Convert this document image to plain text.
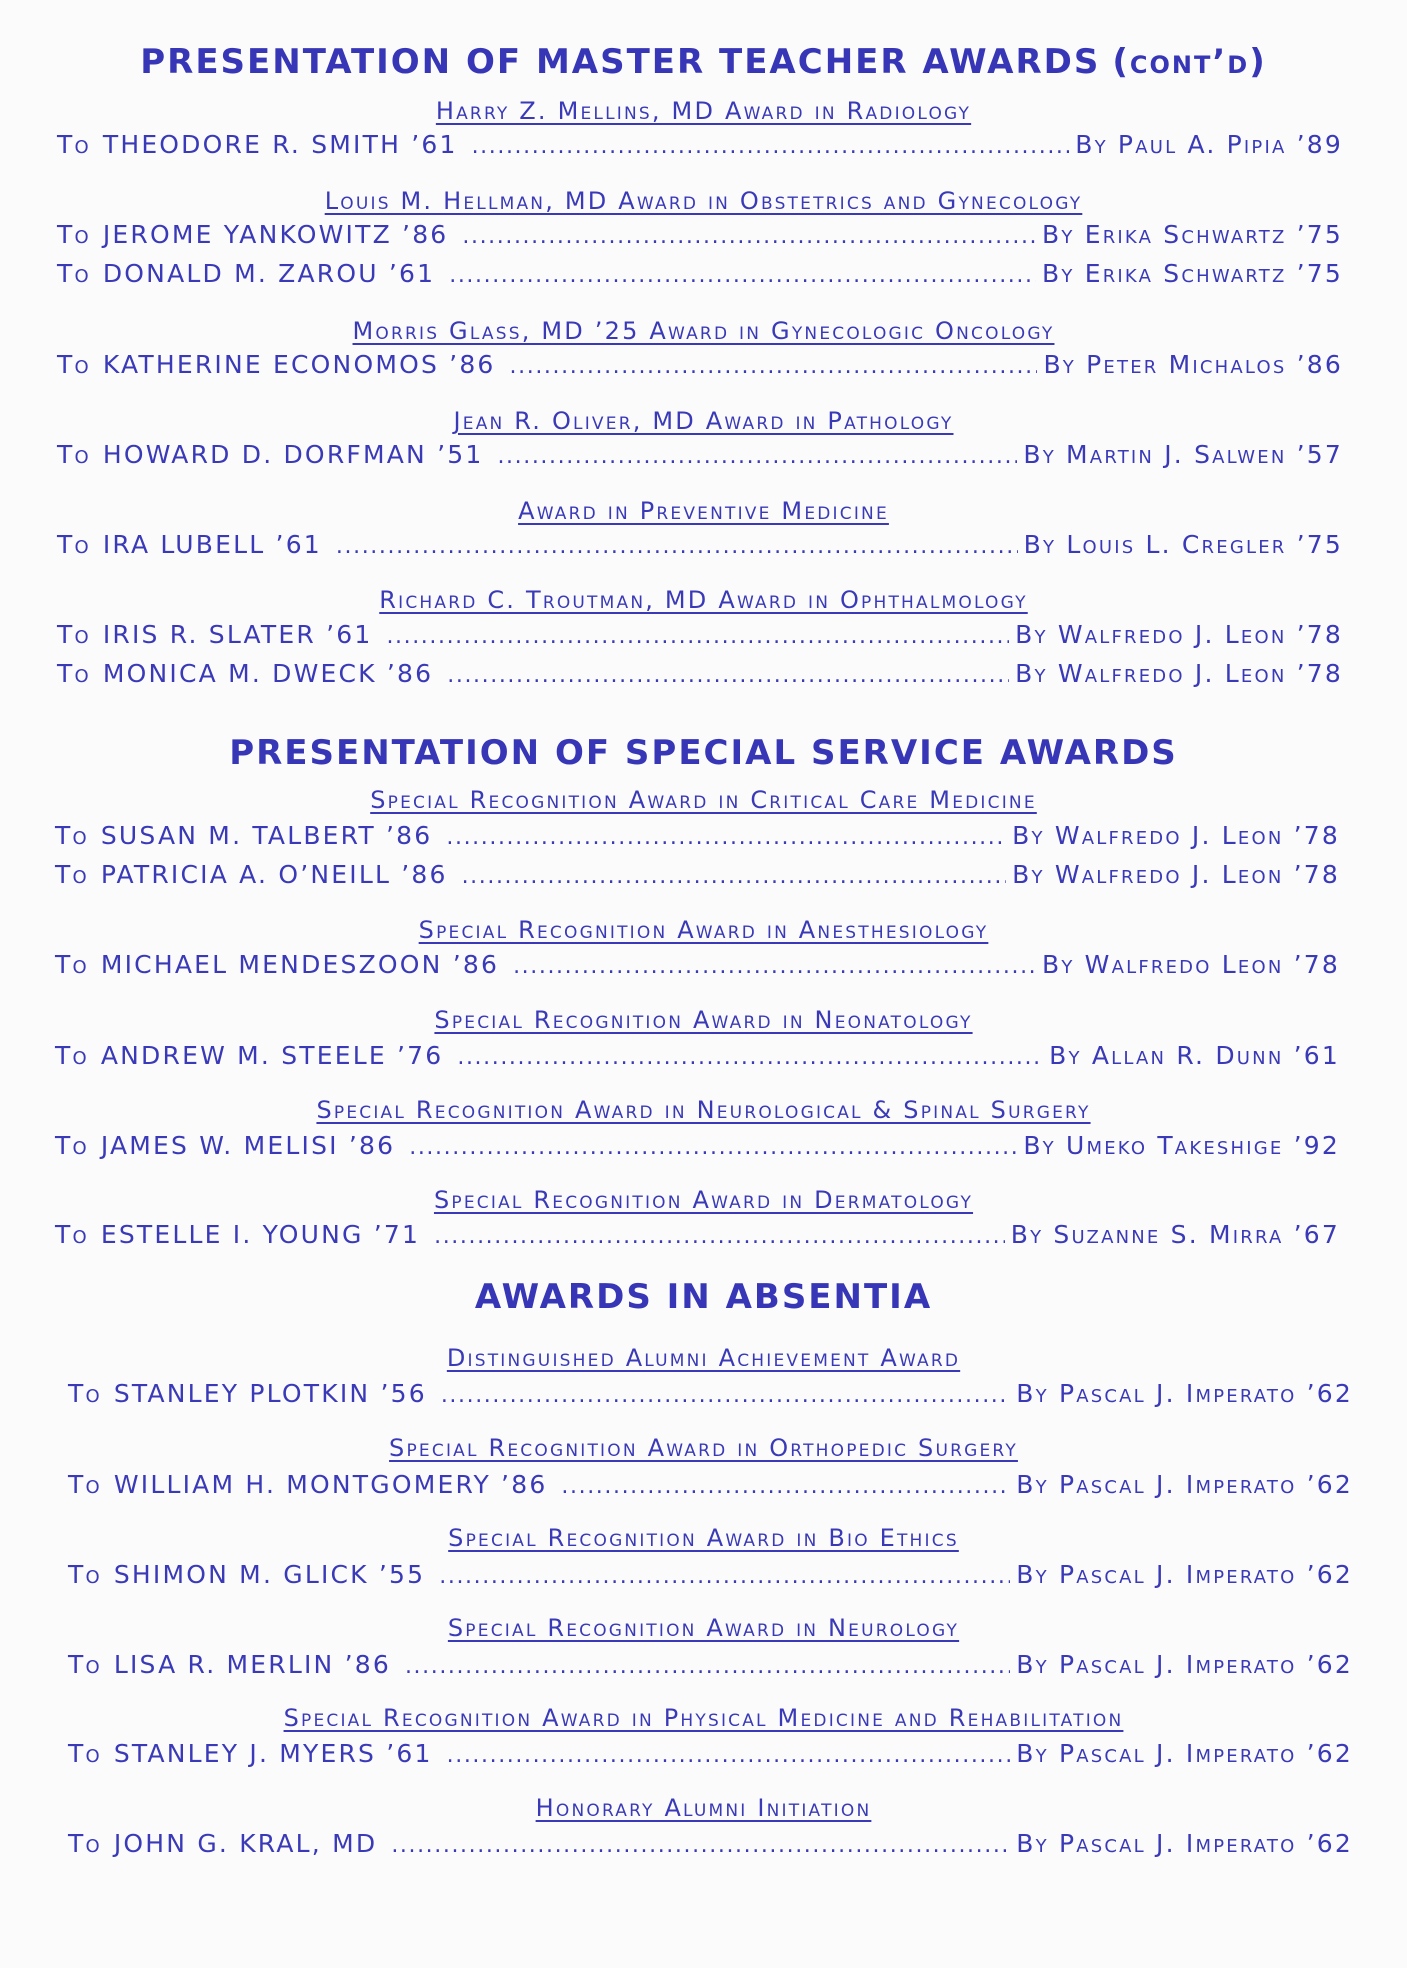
PRESENTATION OF MASTER TEACHER AWARDS (cont’d)
Harry Z. Mellins, MD Award in Radiology
To THEODORE R. SMITH ’61 .....	By Paul A. Pipia ’89
Louis M. Hellman, MD Award in Obstetrics and Gynecology
To JEROME YANKOWITZ ’86 .....	By Erika Schwartz ’75
To DONALD M. ZAROU ’61 .....	By Erika Schwartz ’75
Morris Glass, MD ’25 Award in Gynecologic Oncology
To KATHERINE ECONOMOS ’86 .....	By Peter Michalos ’86
Jean R. Oliver, MD Award in Pathology
To HOWARD D. DORFMAN ’51 .....	By Martin J. Salwen ’57
Award in Preventive Medicine
To IRA LUBELL ’61 .....	By Louis L. Cregler ’75
Richard C. Troutman, MD Award in Ophthalmology
To IRIS R. SLATER ’61 .....	By Walfredo J. Leon ’78
To MONICA M. DWECK ’86 .....	By Walfredo J. Leon ’78
PRESENTATION OF SPECIAL SERVICE AWARDS
Special Recognition Award in Critical Care Medicine
To SUSAN M. TALBERT ’86 .....	By Walfredo J. Leon ’78
To PATRICIA A. O’NEILL ’86 .....	By Walfredo J. Leon ’78
Special Recognition Award in Anesthesiology
To MICHAEL MENDESZOON ’86 .....	By Walfredo Leon ’78
Special Recognition Award in Neonatology
To ANDREW M. STEELE ’76 .....	By Allan R. Dunn ’61
Special Recognition Award in Neurological & Spinal Surgery
To JAMES W. MELISI ’86 .....	By Umeko Takeshige ’92
Special Recognition Award in Dermatology
To ESTELLE I. YOUNG ’71 .....	By Suzanne S. Mirra ’67
AWARDS IN ABSENTIA
Distinguished Alumni Achievement Award
To STANLEY PLOTKIN ’56 .....	By Pascal J. Imperato ’62
Special Recognition Award in Orthopedic Surgery
To WILLIAM H. MONTGOMERY ’86 .....	By Pascal J. Imperato ’62
Special Recognition Award in Bio Ethics
To SHIMON M. GLICK ’55 .....	By Pascal J. Imperato ’62
Special Recognition Award in Neurology
To LISA R. MERLIN ’86 .....	By Pascal J. Imperato ’62
Special Recognition Award in Physical Medicine and Rehabilitation
To STANLEY J. MYERS ’61 .....	By Pascal J. Imperato ’62
Honorary Alumni Initiation
To JOHN G. KRAL, MD .....	By Pascal J. Imperato ’62
